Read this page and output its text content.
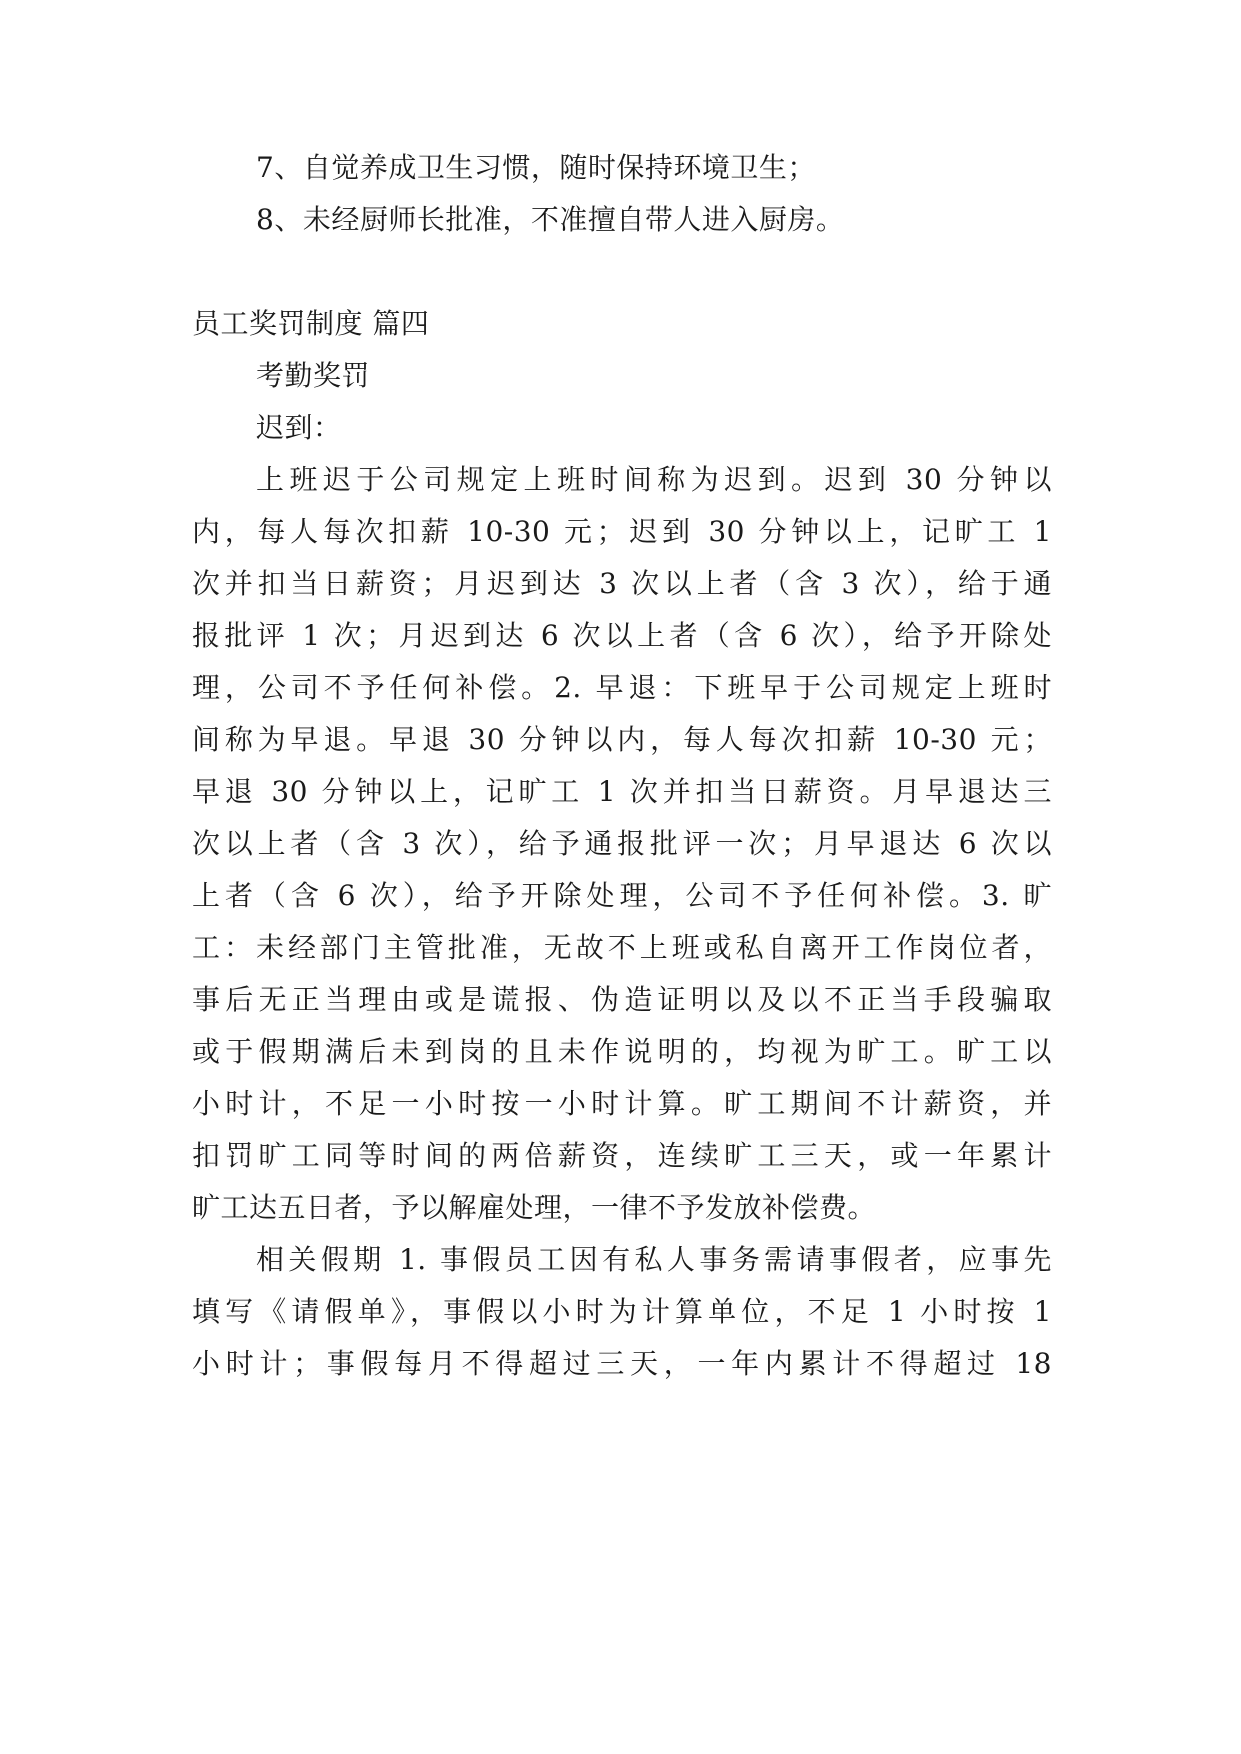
7、自觉养成卫生习惯，随时保持环境卫生；
8、未经厨师长批准，不准擅自带人进入厨房。
员工奖罚制度 篇四
考勤奖罚
迟到：
上班迟于公司规定上班时间称为迟到。迟到 30 分钟以
内，每人每次扣薪 10-30 元；迟到 30 分钟以上，记旷工 1
次并扣当日薪资；月迟到达 3 次以上者（含 3 次），给于通
报批评 1 次；月迟到达 6 次以上者（含 6 次），给予开除处
理，公司不予任何补偿。2. 早退：下班早于公司规定上班时
间称为早退。早退 30 分钟以内，每人每次扣薪 10-30 元；
早退 30 分钟以上，记旷工 1 次并扣当日薪资。月早退达三
次以上者（含 3 次），给予通报批评一次；月早退达 6 次以
上者（含 6 次），给予开除处理，公司不予任何补偿。3. 旷
工：未经部门主管批准，无故不上班或私自离开工作岗位者，
事后无正当理由或是谎报、伪造证明以及以不正当手段骗取
或于假期满后未到岗的且未作说明的，均视为旷工。旷工以
小时计，不足一小时按一小时计算。旷工期间不计薪资，并
扣罚旷工同等时间的两倍薪资，连续旷工三天，或一年累计
旷工达五日者，予以解雇处理，一律不予发放补偿费。
相关假期 1. 事假员工因有私人事务需请事假者，应事先
填写《请假单》，事假以小时为计算单位，不足 1 小时按 1
小时计；事假每月不得超过三天，一年内累计不得超过 18
